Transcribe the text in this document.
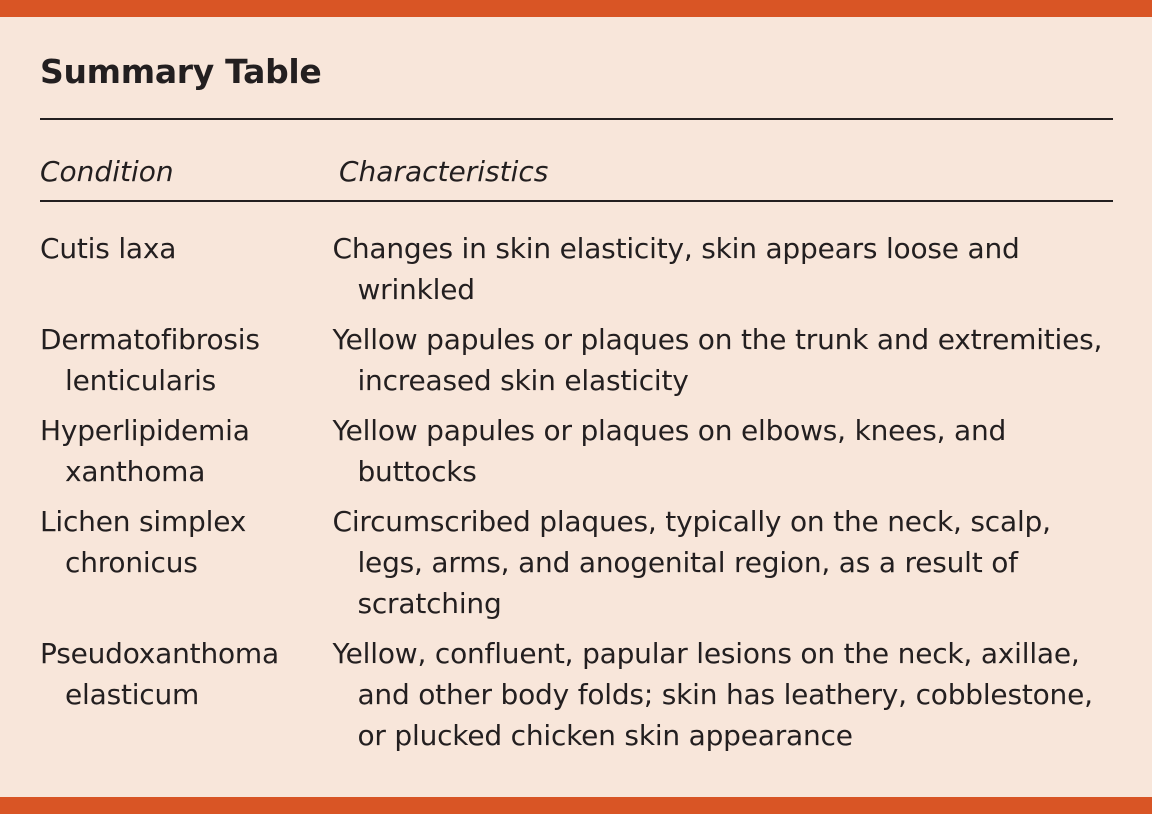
Summary Table
Condition	Characteristics
Cutis laxa	Changes in skin elasticity, skin appears loose and wrinkled
Dermatofibrosis lenticularis
Yellow papules or plaques on the trunk and extremities, increased skin elasticity
Hyperlipidemia xanthoma
Yellow papules or plaques on elbows, knees, and buttocks
Lichen simplex chronicus
Circumscribed plaques, typically on the neck, scalp, legs, arms, and anogenital region, as a result of scratching
Pseudoxanthoma elasticum
Yellow, confluent, papular lesions on the neck, axillae, and other body folds; skin has leathery, cobblestone, or plucked chicken skin appearance
